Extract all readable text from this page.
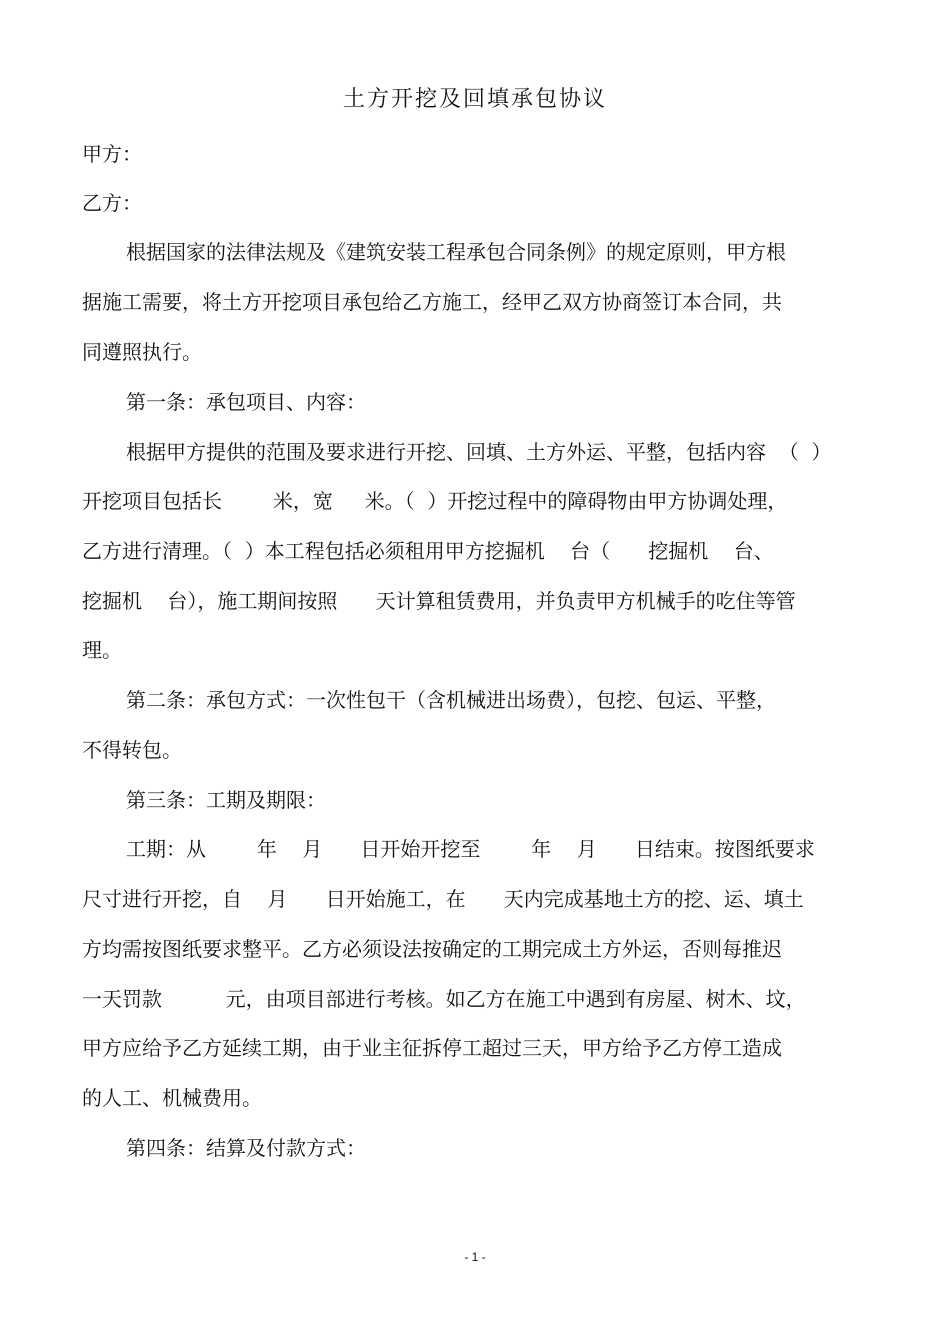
土方开挖及回填承包协议
甲方：
乙方：
根据国家的法律法规及《建筑安装工程承包合同条例》的规定原则，甲方根
据施工需要，将土方开挖项目承包给乙方施工，经甲乙双方协商签订本合同，共
同遵照执行。
第一条：承包项目、内容：
根据甲方提供的范围及要求进行开挖、回填、土方外运、平整，包括内容  （  ）
开挖项目包括长        米，宽     米。（  ）开挖过程中的障碍物由甲方协调处理，
乙方进行清理。（  ）本工程包括必须租用甲方挖掘机    台（      挖掘机    台、
挖掘机    台），施工期间按照      天计算租赁费用，并负责甲方机械手的吃住等管
理。
第二条：承包方式：一次性包干（含机械进出场费），包挖、包运、平整，
不得转包。
第三条：工期及期限：
工期：从        年    月      日开始开挖至        年    月      日结束。按图纸要求
尺寸进行开挖，自    月      日开始施工，在      天内完成基地土方的挖、运、填土
方均需按图纸要求整平。乙方必须设法按确定的工期完成土方外运，否则每推迟
一天罚款          元，由项目部进行考核。如乙方在施工中遇到有房屋、树木、坟，
甲方应给予乙方延续工期，由于业主征拆停工超过三天，甲方给予乙方停工造成
的人工、机械费用。
第四条：结算及付款方式：
- 1 -
